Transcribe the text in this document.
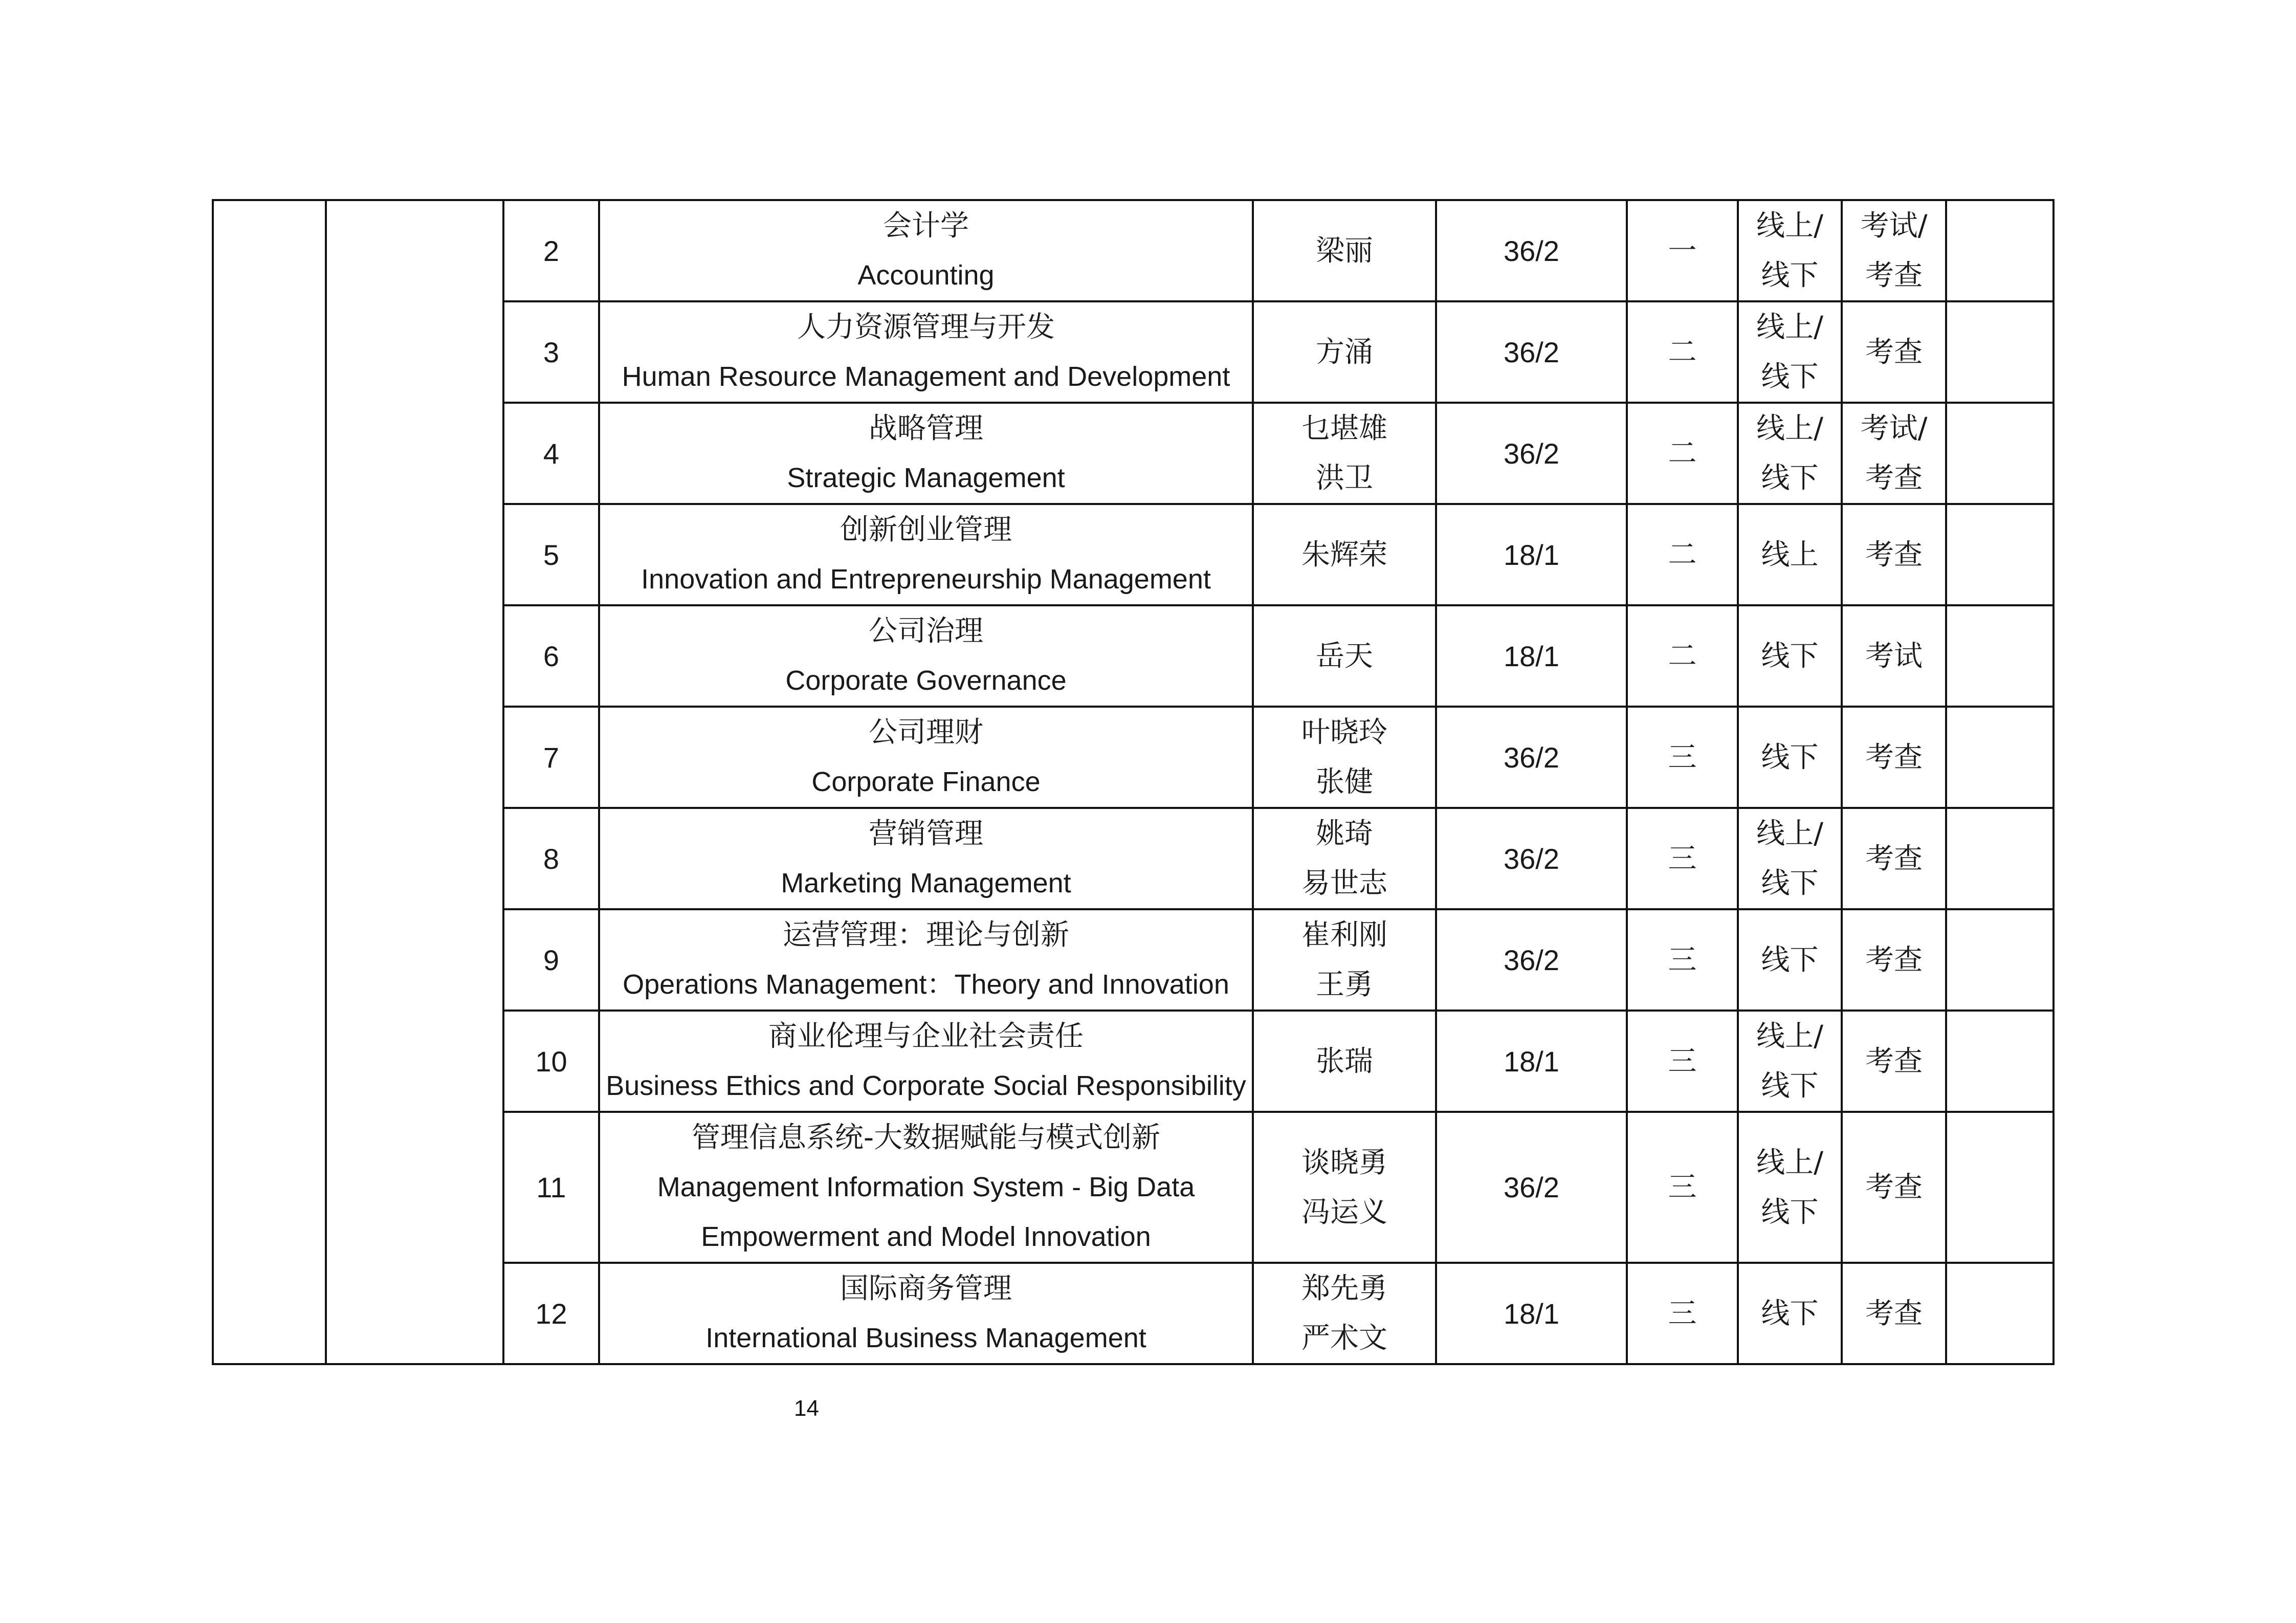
		2	会计学
Accounting	梁丽	36/2	一	线上/
线下	考试/
考查	

		3	人力资源管理与开发
Human Resource Management and Development	方涌	36/2	二	线上/
线下	考查	

		4	战略管理
Strategic Management	乜堪雄
洪卫	36/2	二	线上/
线下	考试/
考查	

		5	创新创业管理
Innovation and Entrepreneurship Management	朱辉荣	18/1	二	线上	考查	

		6	公司治理
Corporate Governance	岳天	18/1	二	线下	考试	

		7	公司理财
Corporate Finance	叶晓玲
张健	36/2	三	线下	考查	

		8	营销管理
Marketing Management	姚琦
易世志	36/2	三	线上/
线下	考查	

		9	运营管理：理论与创新
Operations Management：Theory and Innovation	崔利刚
王勇	36/2	三	线下	考查	

		10	商业伦理与企业社会责任
Business Ethics and Corporate Social Responsibility	张瑞	18/1	三	线上/
线下	考查	

		11	管理信息系统-大数据赋能与模式创新
Management Information System - Big Data
Empowerment and Model Innovation	谈晓勇
冯运义	36/2	三	线上/
线下	考查	

		12	国际商务管理
International Business Management	郑先勇
严术文	18/1	三	线下	考查	

14
